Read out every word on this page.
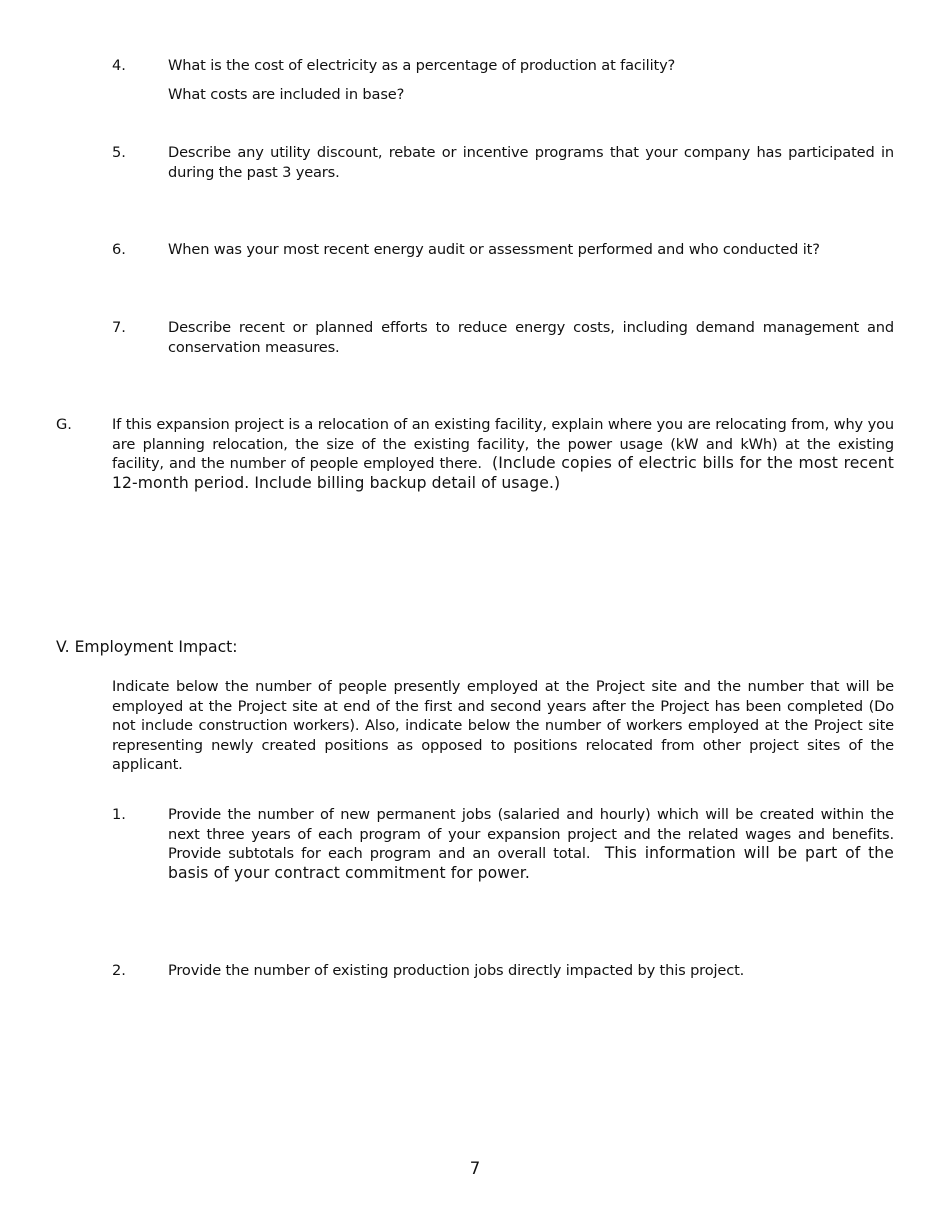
4.	What is the cost of electricity as a percentage of production at facility?
What costs are included in base?
5.	Describe any utility discount, rebate or incentive programs that your company has participated in during the past 3 years.
6.	When was your most recent energy audit or assessment performed and who conducted it?
7.	Describe recent or planned efforts to reduce energy costs, including demand management and conservation measures.
G.	If this expansion project is a relocation of an existing facility, explain where you are relocating from, why you are planning relocation, the size of the existing facility, the power usage (kW and kWh) at the existing facility, and the number of people employed there. (Include copies of electric bills for the most recent 12-month period. Include billing backup detail of usage.)
V. Employment Impact:
Indicate below the number of people presently employed at the Project site and the number that will be employed at the Project site at end of the first and second years after the Project has been completed (Do not include construction workers). Also, indicate below the number of workers employed at the Project site representing newly created positions as opposed to positions relocated from other project sites of the applicant.
1.	Provide the number of new permanent jobs (salaried and hourly) which will be created within the next three years of each program of your expansion project and the related wages and benefits. Provide subtotals for each program and an overall total. This information will be part of the basis of your contract commitment for power.
2.	Provide the number of existing production jobs directly impacted by this project.
7
